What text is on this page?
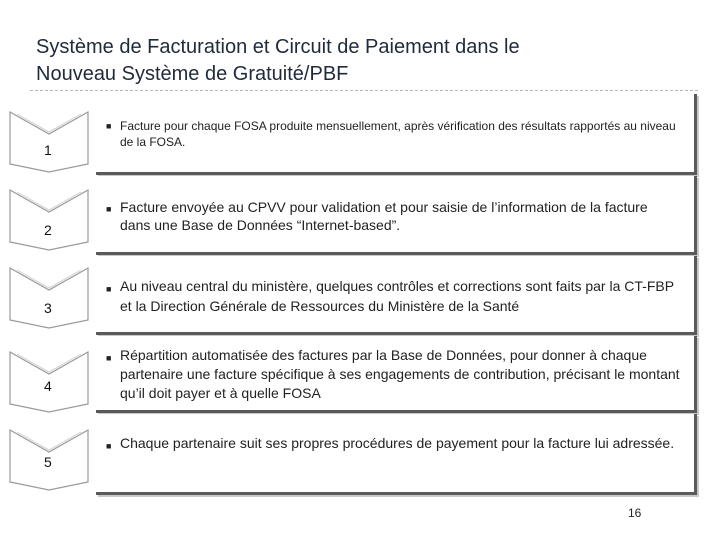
Système de Facturation et Circuit de Paiement dans le
Nouveau Système de Gratuité/PBF
■ Facture pour chaque FOSA produite mensuellement, après vérification des résultats rapportés au niveau de la FOSA.
1
■ Facture envoyée au CPVV pour validation et pour saisie de l’information de la facture dans une Base de Données “Internet-based”.
2
■ Au niveau central du ministère, quelques contrôles et corrections sont faits par la CT-FBP et la Direction Générale de Ressources du Ministère de la Santé
3
■ Répartition automatisée des factures par la Base de Données, pour donner à chaque partenaire une facture spécifique à ses engagements de contribution, précisant le montant qu’il doit payer et à quelle FOSA
4
■ Chaque partenaire suit ses propres procédures de payement pour la facture lui adressée.
5
16
